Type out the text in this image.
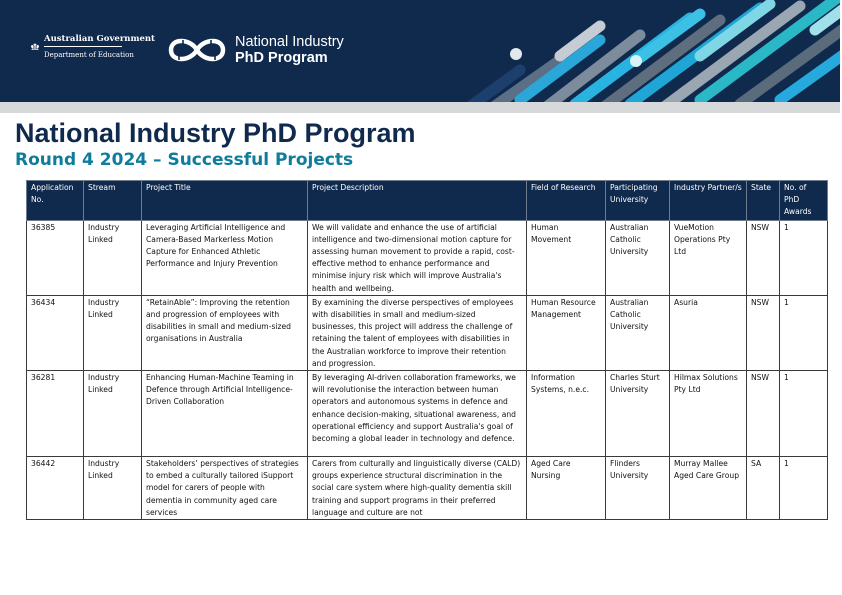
Australian Government
Department of Education
National Industry
PhD Program
National Industry PhD Program
Round 4 2024 – Successful Projects
Application No.	Stream	Project Title	Project Description	Field of Research	Participating University	Industry Partner/s	State	No. of PhD Awards
36385	Industry Linked	Leveraging Artificial Intelligence and Camera-Based Markerless Motion Capture for Enhanced Athletic Performance and Injury Prevention	We will validate and enhance the use of artificial intelligence and two-dimensional motion capture for assessing human movement to provide a rapid, cost-effective method to enhance performance and minimise injury risk which will improve Australia's health and wellbeing.	Human Movement	Australian Catholic University	VueMotion Operations Pty Ltd	NSW	1
36434	Industry Linked	“RetainAble”: Improving the retention and progression of employees with disabilities in small and medium-sized organisations in Australia	By examining the diverse perspectives of employees with disabilities in small and medium-sized businesses, this project will address the challenge of retaining the talent of employees with disabilities in the Australian workforce to improve their retention and progression.	Human Resource Management	Australian Catholic University	Asuria	NSW	1
36281	Industry Linked	Enhancing Human-Machine Teaming in Defence through Artificial Intelligence-Driven Collaboration	By leveraging AI-driven collaboration frameworks, we will revolutionise the interaction between human operators and autonomous systems in defence and enhance decision-making, situational awareness, and operational efficiency and support Australia's goal of becoming a global leader in technology and defence.	Information Systems, n.e.c.	Charles Sturt University	Hilmax Solutions Pty Ltd	NSW	1
36442	Industry Linked	Stakeholders’ perspectives of strategies to embed a culturally tailored iSupport model for carers of people with dementia in community aged care services	Carers from culturally and linguistically diverse (CALD) groups experience structural discrimination in the social care system where high-quality dementia skill training and support programs in their preferred language and culture are not	Aged Care Nursing	Flinders University	Murray Mallee Aged Care Group	SA	1
